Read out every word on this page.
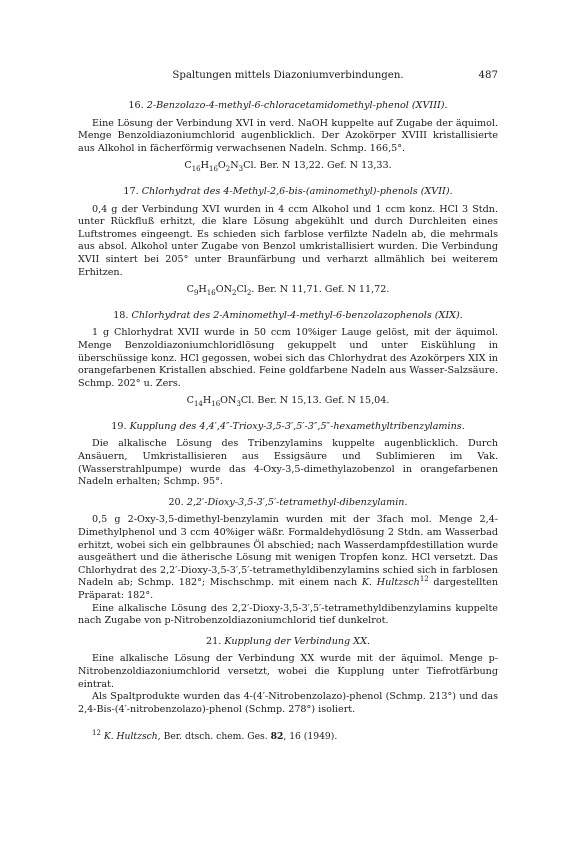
Spaltungen mittels Diazoniumverbindungen.	487
16. 2-Benzolazo-4-methyl-6-chloracetamidomethyl-phenol (XVIII).

Eine Lösung der Verbindung XVI in verd. NaOH kuppelte auf Zugabe der äquimol. Menge Benzoldiazoniumchlorid augenblicklich. Der Azokörper XVIII kristallisierte aus Alkohol in fächerförmig verwachsenen Nadeln. Schmp. 166,5°.

$C_{16}H_{16}O_2N_3Cl$. Ber. N 13,22. Gef. N 13,33.
17. Chlorhydrat des 4-Methyl-2,6-bis-(aminomethyl)-phenols (XVII).

0,4 g der Verbindung XVI wurden in 4 ccm Alkohol und 1 ccm konz. HCl 3 Stdn. unter Rückfluß erhitzt, die klare Lösung abgekühlt und durch Durchleiten eines Luftstromes eingeengt. Es schieden sich farblose verfilzte Nadeln ab, die mehrmals aus absol. Alkohol unter Zugabe von Benzol umkristallisiert wurden. Die Verbindung XVII sintert bei 205° unter Braunfärbung und verharzt allmählich bei weiterem Erhitzen.

$C_9H_{16}ON_2Cl_2$. Ber. N 11,71. Gef. N 11,72.
18. Chlorhydrat des 2-Aminomethyl-4-methyl-6-benzolazophenols (XIX).

1 g Chlorhydrat XVII wurde in 50 ccm 10%iger Lauge gelöst, mit der äquimol. Menge Benzoldiazoniumchloridlösung gekuppelt und unter Eiskühlung in überschüssige konz. HCl gegossen, wobei sich das Chlorhydrat des Azokörpers XIX in orangefarbenen Kristallen abschied. Feine goldfarbene Nadeln aus Wasser-Salzsäure. Schmp. 202° u. Zers.

$C_{14}H_{16}ON_3Cl$. Ber. N 15,13. Gef. N 15,04.
19. Kupplung des 4,4′,4″-Trioxy-3,5-3′,5′-3″,5″-hexamethyltribenzylamins.

Die alkalische Lösung des Tribenzylamins kuppelte augenblicklich. Durch Ansäuern, Umkristallisieren aus Essigsäure und Sublimieren im Vak. (Wasserstrahlpumpe) wurde das 4-Oxy-3,5-dimethylazobenzol in orangefarbenen Nadeln erhalten; Schmp. 95°.

20. 2,2′-Dioxy-3,5-3′,5′-tetramethyl-dibenzylamin.

0,5 g 2-Oxy-3,5-dimethyl-benzylamin wurden mit der 3fach mol. Menge 2,4-Dimethylphenol und 3 ccm 40%iger wäßr. Formaldehydlösung 2 Stdn. am Wasserbad erhitzt, wobei sich ein gelbbraunes Öl abschied; nach Wasserdampfdestillation wurde ausgeäthert und die ätherische Lösung mit wenigen Tropfen konz. HCl versetzt. Das Chlorhydrat des 2,2′-Dioxy-3,5-3′,5′-tetramethyldibenzylamins schied sich in farblosen Nadeln ab; Schmp. 182°; Mischschmp. mit einem nach K. Hultzsch$^{12}$ dargestellten Präparat: 182°.

Eine alkalische Lösung des 2,2′-Dioxy-3,5-3′,5′-tetramethyldibenzylamins kuppelte nach Zugabe von p-Nitrobenzoldiazoniumchlorid tief dunkelrot.

21. Kupplung der Verbindung XX.

Eine alkalische Lösung der Verbindung XX wurde mit der äquimol. Menge p-Nitrobenzoldiazoniumchlorid versetzt, wobei die Kupplung unter Tiefrotfärbung eintrat.

Als Spaltprodukte wurden das 4-(4′-Nitrobenzolazo)-phenol (Schmp. 213°) und das 2,4-Bis-(4′-nitrobenzolazo)-phenol (Schmp. 278°) isoliert.

$^{12}$ K. Hultzsch, Ber. dtsch. chem. Ges. 82, 16 (1949).
